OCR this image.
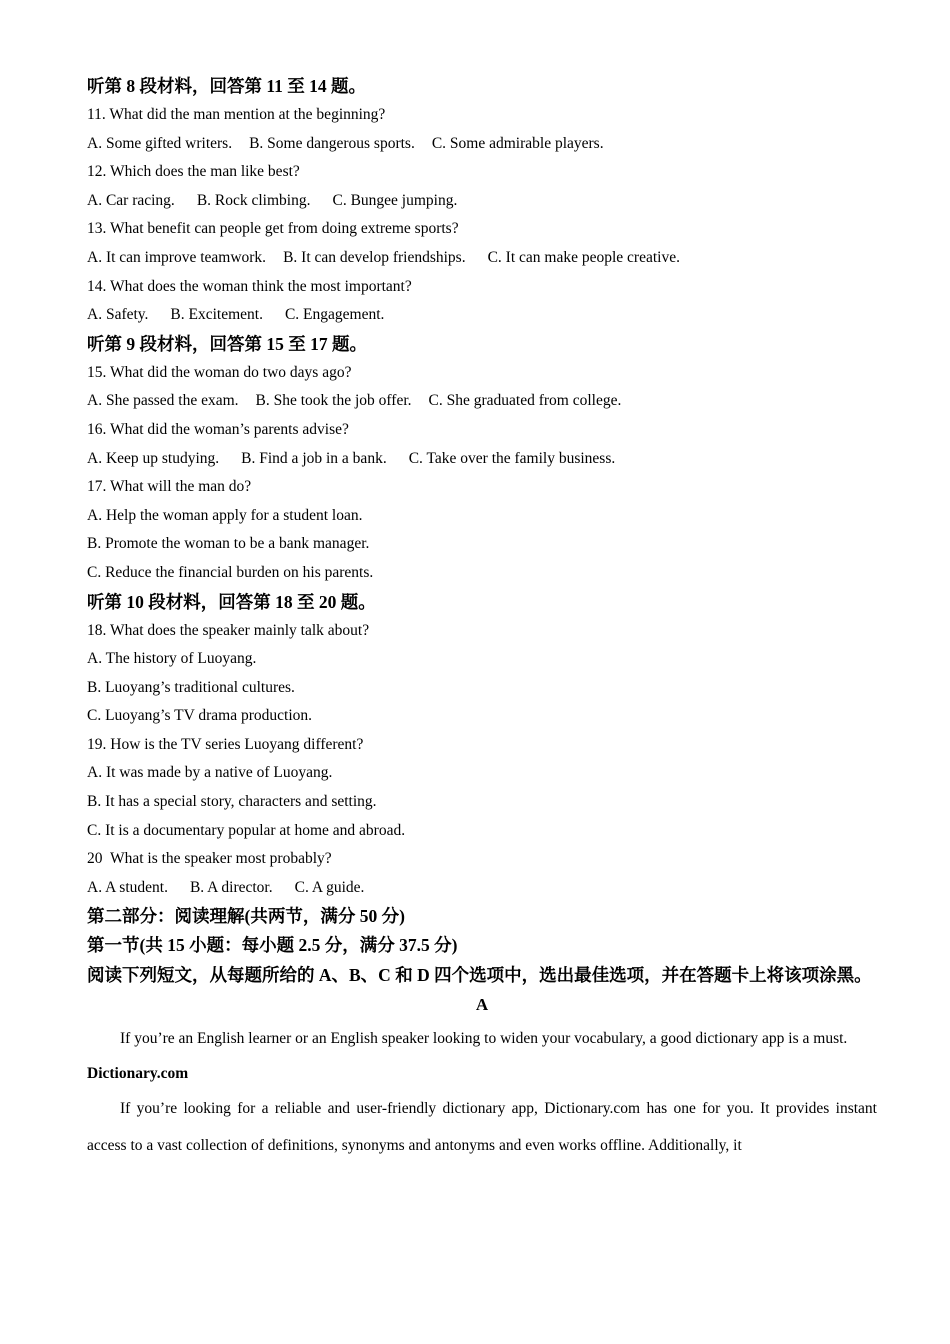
听第 8 段材料，回答第 11 至 14 题。
11. What did the man mention at the beginning?
A. Some gifted writers. B. Some dangerous sports. C. Some admirable players.
12. Which does the man like best?
A. Car racing. B. Rock climbing. C. Bungee jumping.
13. What benefit can people get from doing extreme sports?
A. It can improve teamwork. B. It can develop friendships. C. It can make people creative.
14. What does the woman think the most important?
A. Safety. B. Excitement. C. Engagement.
听第 9 段材料，回答第 15 至 17 题。
15. What did the woman do two days ago?
A. She passed the exam. B. She took the job offer. C. She graduated from college.
16. What did the woman’s parents advise?
A. Keep up studying. B. Find a job in a bank. C. Take over the family business.
17. What will the man do?
A. Help the woman apply for a student loan.
B. Promote the woman to be a bank manager.
C. Reduce the financial burden on his parents.
听第 10 段材料，回答第 18 至 20 题。
18. What does the speaker mainly talk about?
A. The history of Luoyang.
B. Luoyang’s traditional cultures.
C. Luoyang’s TV drama production.
19. How is the TV series Luoyang different?
A. It was made by a native of Luoyang.
B. It has a special story, characters and setting.
C. It is a documentary popular at home and abroad.
20  What is the speaker most probably?
A. A student. B. A director. C. A guide.
第二部分：阅读理解(共两节，满分 50 分)
第一节(共 15 小题：每小题 2.5 分，满分 37.5 分)
阅读下列短文，从每题所给的 A、B、C 和 D 四个选项中，选出最佳选项，并在答题卡上将该项涂黑。
A

If you’re an English learner or an English speaker looking to widen your vocabulary, a good dictionary app is a must.

Dictionary.com

If you’re looking for a reliable and user-friendly dictionary app, Dictionary.com has one for you. It provides instant access to a vast collection of definitions, synonyms and antonyms and even works offline. Additionally, it
